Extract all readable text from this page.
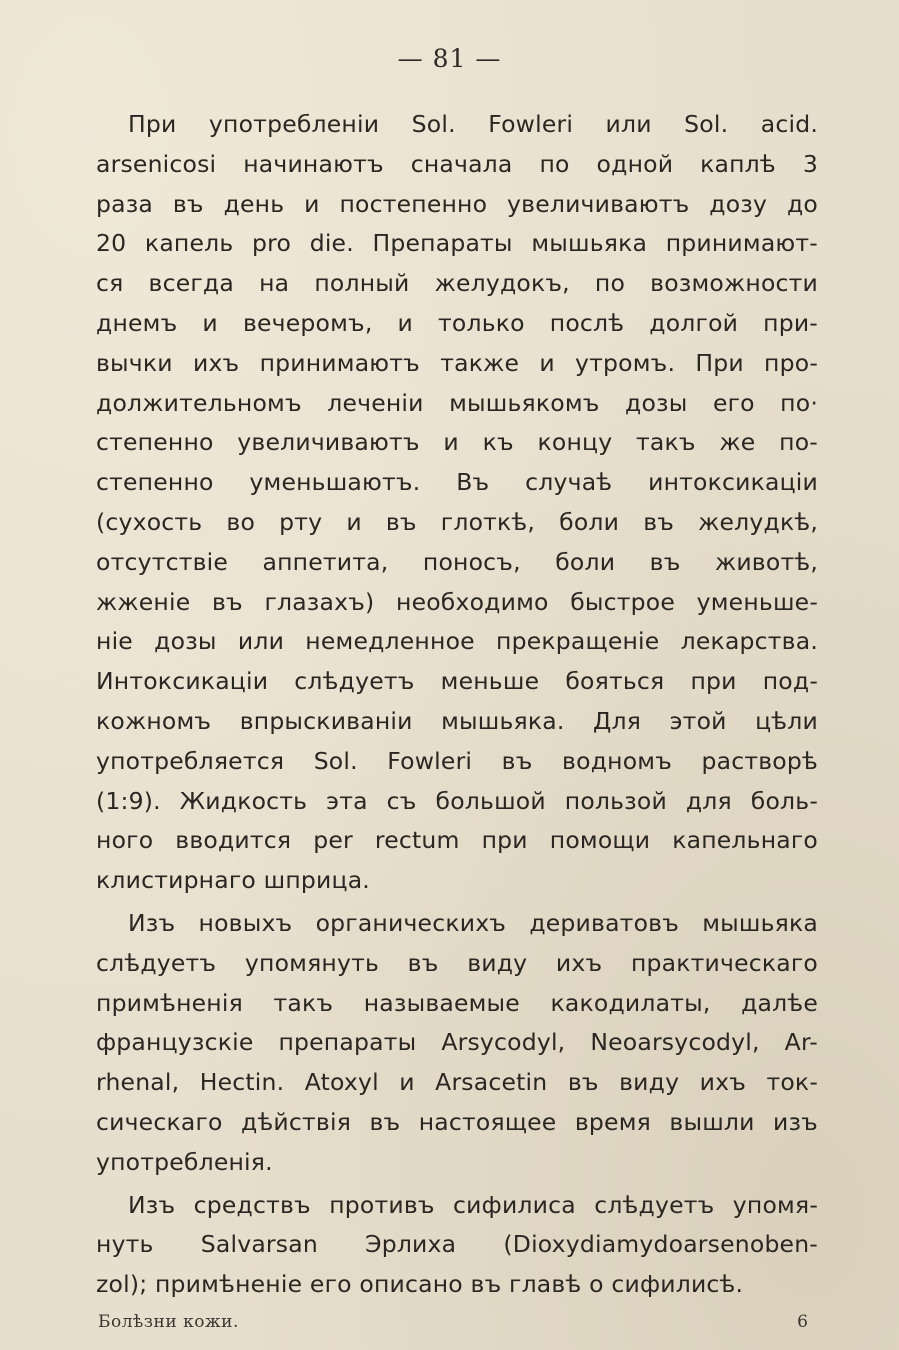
— 81 —
При употребленіи Sol. Fowleri или Sol. acid.
arsenicosi начинаютъ сначала по одной каплѣ 3
раза въ день и постепенно увеличиваютъ дозу до
20 капель pro die. Препараты мышьяка принимают-
ся всегда на полный желудокъ, по возможности
днемъ и вечеромъ, и только послѣ долгой при-
вычки ихъ принимаютъ также и утромъ. При про-
должительномъ леченіи мышьякомъ дозы его по·
степенно увеличиваютъ и къ концу такъ же по-
степенно уменьшаютъ. Въ случаѣ интоксикаціи
(сухость во рту и въ глоткѣ, боли въ желудкѣ,
отсутствіе аппетита, поносъ, боли въ животѣ,
жженіе въ глазахъ) необходимо быстрое уменьше-
ніе дозы или немедленное прекращеніе лекарства.
Интоксикаціи слѣдуетъ меньше бояться при под-
кожномъ впрыскиваніи мышьяка. Для этой цѣли
употребляется Sol. Fowleri въ водномъ растворѣ
(1:9). Жидкость эта съ большой пользой для боль-
ного вводится per rectum при помощи капельнаго
клистирнаго шприца.
Изъ новыхъ органическихъ дериватовъ мышьяка
слѣдуетъ упомянуть въ виду ихъ практическаго
примѣненія такъ называемые какодилаты, далѣе
французскіе препараты Arsycodyl, Neoarsycodyl, Ar-
rhenal, Hectin. Atoxyl и Arsacetin въ виду ихъ ток-
сическаго дѣйствія въ настоящее время вышли изъ
употребленія.
Изъ средствъ противъ сифилиса слѣдуетъ упомя-
нуть Salvarsan Эрлиха (Dioxydiamydoarsenoben-
zol); примѣненіе его описано въ главѣ о сифилисѣ.
Болѣзни кожи.	6
